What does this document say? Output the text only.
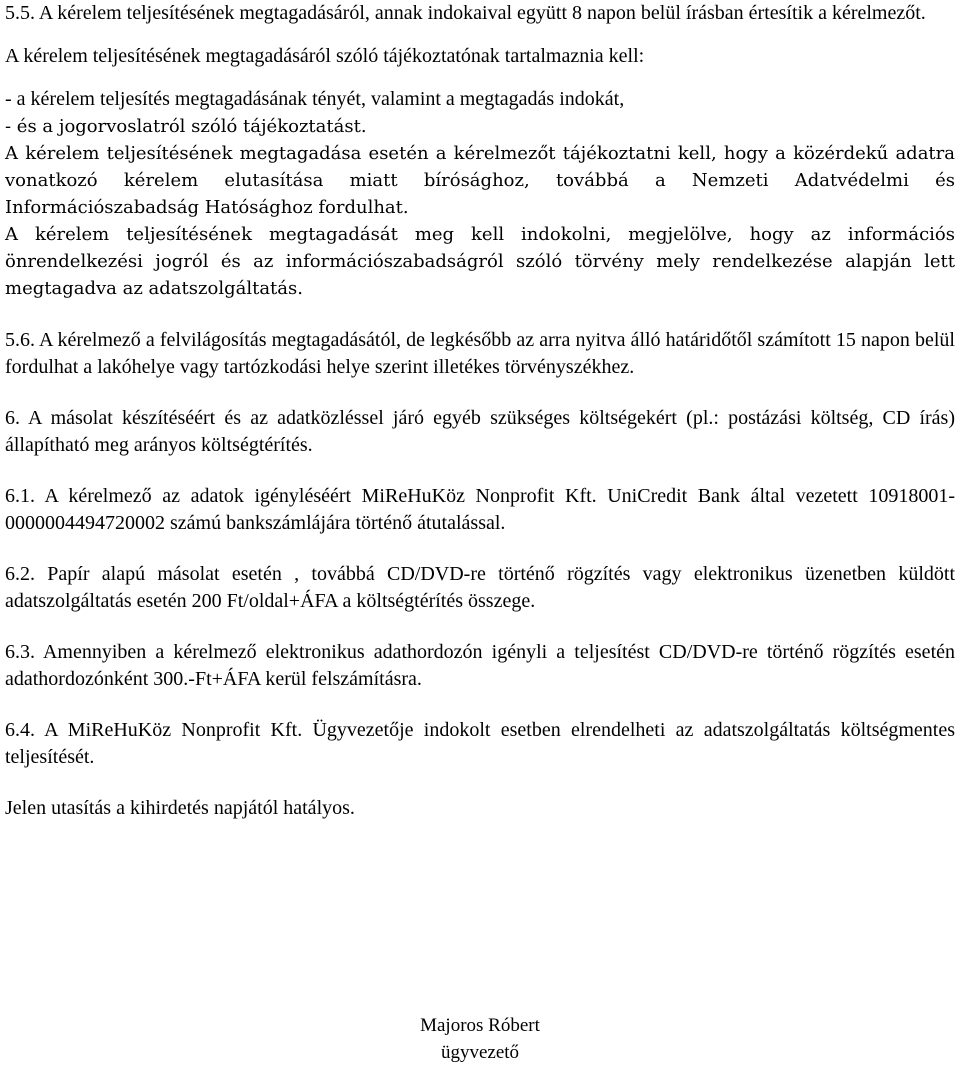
5.5. A kérelem teljesítésének megtagadásáról, annak indokaival együtt 8 napon belül írásban értesítik a kérelmezőt.

A kérelem teljesítésének megtagadásáról szóló tájékoztatónak tartalmaznia kell:

- a kérelem teljesítés megtagadásának tényét, valamint a megtagadás indokát,

- és a jogorvoslatról szóló tájékoztatást.

A kérelem teljesítésének megtagadása esetén a kérelmezőt tájékoztatni kell, hogy a közérdekű adatra vonatkozó kérelem elutasítása miatt bírósághoz, továbbá a Nemzeti Adatvédelmi és Információszabadság Hatósághoz fordulhat.

A kérelem teljesítésének megtagadását meg kell indokolni, megjelölve, hogy az információs önrendelkezési jogról és az információszabadságról szóló törvény mely rendelkezése alapján lett megtagadva az adatszolgáltatás.

5.6. A kérelmező a felvilágosítás megtagadásától, de legkésőbb az arra nyitva álló határidőtől számított 15 napon belül fordulhat a lakóhelye vagy tartózkodási helye szerint illetékes törvényszékhez.

6. A másolat készítéséért és az adatközléssel járó egyéb szükséges költségekért (pl.: postázási költség, CD írás) állapítható meg arányos költségtérítés.

6.1. A kérelmező az adatok igényléséért MiReHuKöz Nonprofit Kft. UniCredit Bank által vezetett 10918001-0000004494720002 számú bankszámlájára történő átutalással.

6.2. Papír alapú másolat esetén , továbbá CD/DVD-re történő rögzítés vagy elektronikus üzenetben küldött adatszolgáltatás esetén 200 Ft/oldal+ÁFA a költségtérítés összege.

6.3. Amennyiben a kérelmező elektronikus adathordozón igényli a teljesítést CD/DVD-re történő rögzítés esetén adathordozónként 300.-Ft+ÁFA kerül felszámításra.

6.4. A MiReHuKöz Nonprofit Kft. Ügyvezetője indokolt esetben elrendelheti az adatszolgáltatás költségmentes teljesítését.

Jelen utasítás a kihirdetés napjától hatályos.

Majoros Róbert
ügyvezető
